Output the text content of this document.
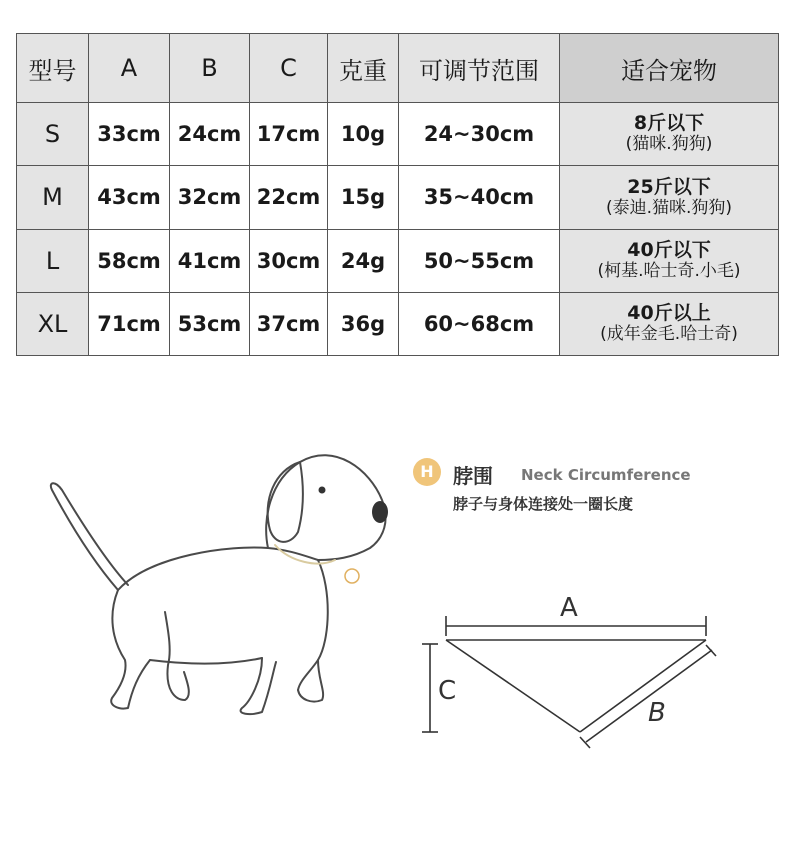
型号	A	B	C	克重	可调节范围	适合宠物
S	33cm	24cm	17cm	10g	24~30cm	8斤以下
(猫咪.狗狗)

M	43cm	32cm	22cm	15g	35~40cm	25斤以下
(泰迪.猫咪.狗狗)

L	58cm	41cm	30cm	24g	50~55cm	40斤以下
(柯基.哈士奇.小毛)

XL	71cm	53cm	37cm	36g	60~68cm	40斤以上
(成年金毛.哈士奇)
H 脖围 Neck Circumference
脖子与身体连接处一圈长度
A
C
B
